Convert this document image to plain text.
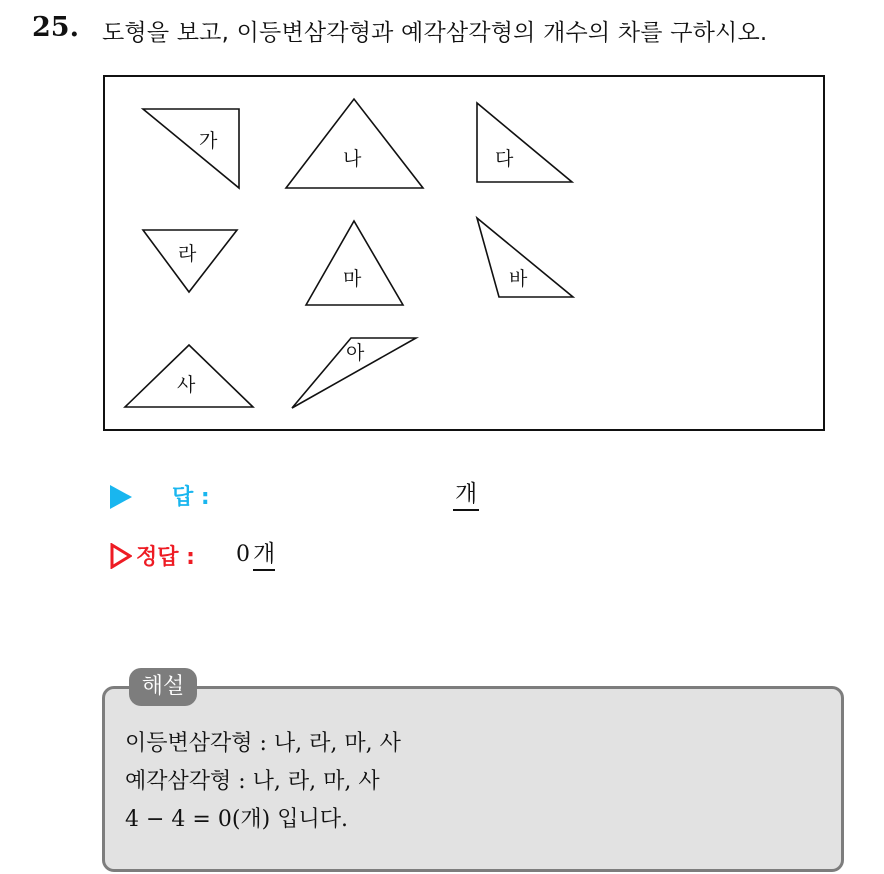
25. 도형을 보고, 이등변삼각형과 예각삼각형의 개수의 차를 구하시오.
가
나	다
라
마	바
사
아
답 :	개
정답 : 0 개
해설
이등변삼각형 : 나, 라, 마, 사
예각삼각형 : 나, 라, 마, 사
4 − 4 = 0(개) 입니다.
